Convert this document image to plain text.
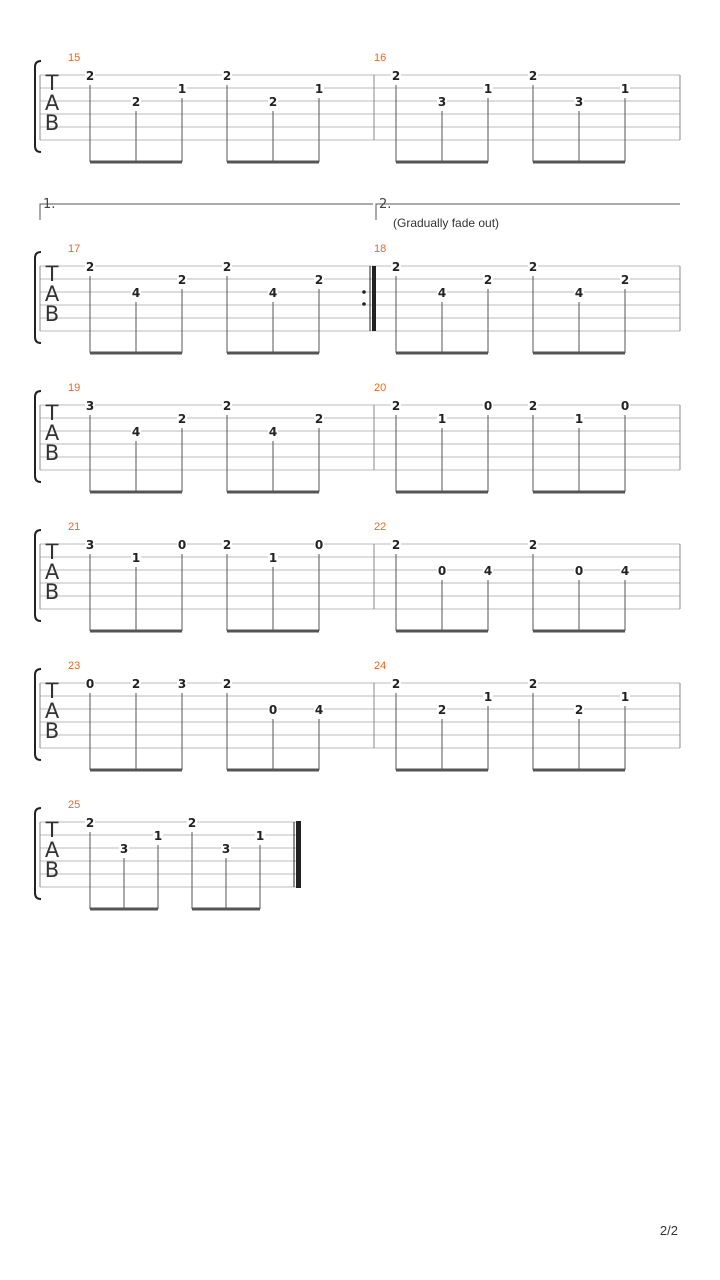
1.	2.
(Gradually fade out)
T
A
B
15
2
2
1
2
2
1
16
2
3
1
2
3
1
T
A
B
17
2
4
2
2
4
2
18
2
4
2
2
4
2
T
A
B
19
3
4
2
2
4
2
20
2
1
0	2
1
0
T
A
B
21
3
1
0	2
1
0
22
2
0	4
2
0	4
T
A
B
23
0	2	3	2
0	4
24
2
2
1
2
2
1
T
A
B
25
2
3
1
2
3
1
2/2
